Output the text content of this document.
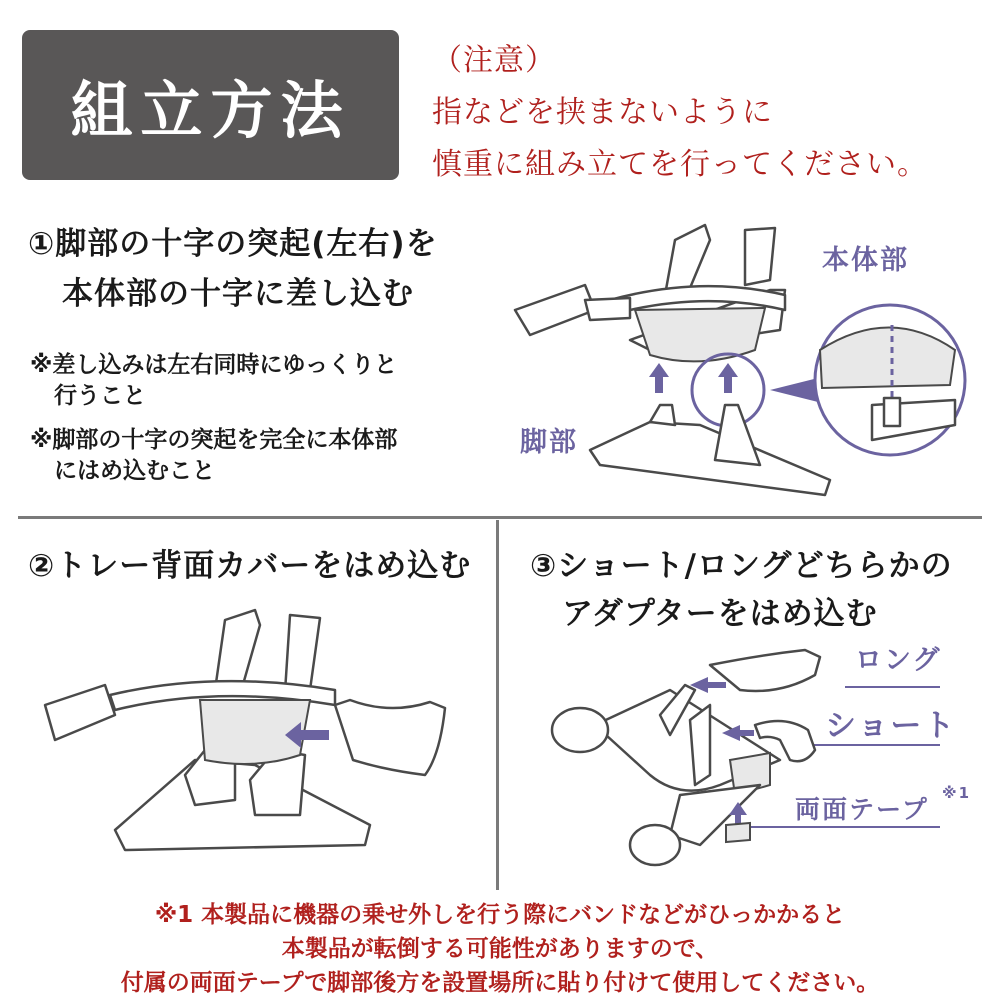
組立方法
（注意）
指などを挟まないように
慎重に組み立てを行ってください。
①脚部の十字の突起(左右)を
本体部の十字に差し込む
※差し込みは左右同時にゆっくりと
行うこと
※脚部の十字の突起を完全に本体部
にはめ込むこと
本体部
脚部
②トレー背面カバーをはめ込む ③ショート/ロングどちらかの
アダプターをはめ込む
ロング
ショート
両面テープ
※1
※1 本製品に機器の乗せ外しを行う際にバンドなどがひっかかると
本製品が転倒する可能性がありますので、
付属の両面テープで脚部後方を設置場所に貼り付けて使用してください。
